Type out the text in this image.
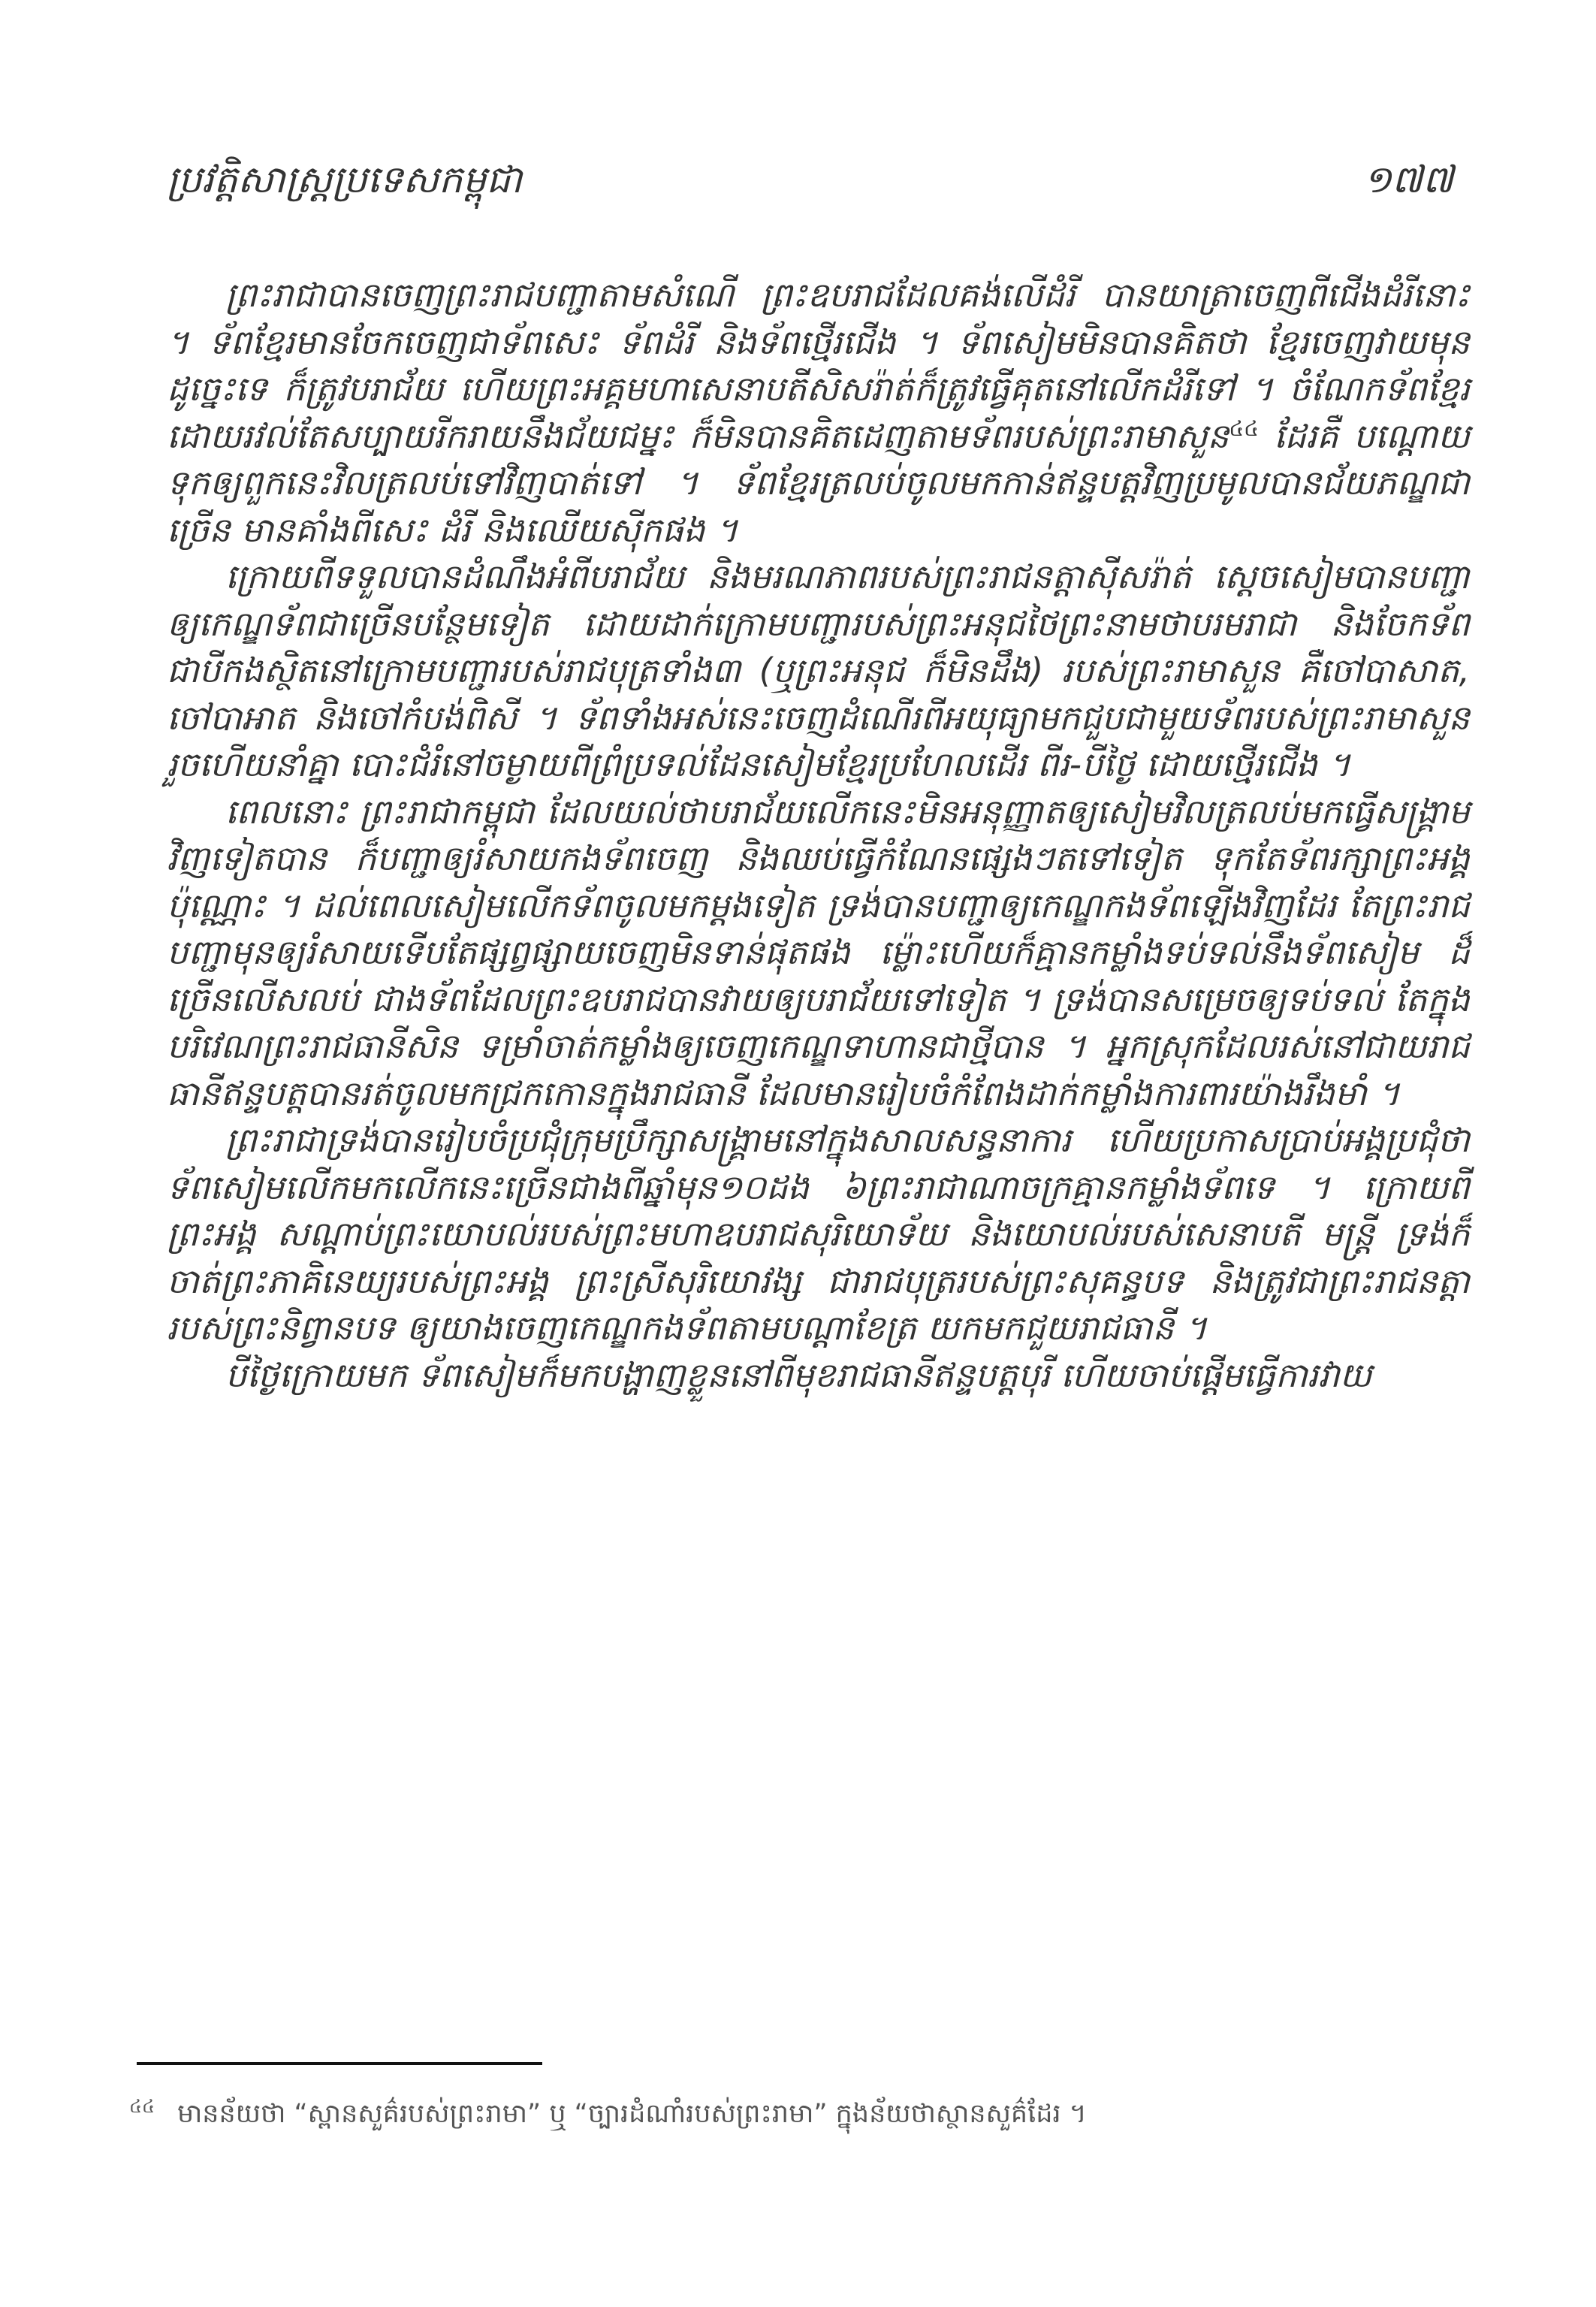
ប្រវត្តិសាស្ត្រប្រទេសកម្ពុជា	១៧៧

ព្រះរាជាបានចេញព្រះរាជបញ្ជាតាមសំណើ ព្រះឧបរាជដែលគង់លើដំរី បានយាត្រាចេញពីជើងដំរីនោះ ។ ទ័ពខ្មែរមានចែកចេញជាទ័ពសេះ ទ័ពដំរី និងទ័ពថ្មើរជើង ។ ទ័ពសៀមមិនបានគិតថា ខ្មែរចេញវាយមុនដូច្នេះទេ ក៏ត្រូវបរាជ័យ ហើយព្រះអគ្គមហាសេនាបតីសិសរ៉ាត់ក៏ត្រូវធ្វើគុតនៅលើកដំរីទៅ ។ ចំណែកទ័ពខ្មែរ ដោយរវល់តែសប្បាយរីករាយនឹងជ័យជម្នះ ក៏មិនបានគិតដេញតាមទ័ពរបស់ព្រះរាមាសួន$^{៤៤}$ ដែរគឺ បណ្ដោយទុកឲ្យពួកនេះវិលត្រលប់ទៅវិញបាត់ទៅ ។ ទ័ពខ្មែរត្រលប់ចូលមកកាន់ឥន្ទបត្តវិញប្រមូលបានជ័យភណ្ឌជាច្រើន មានគាំងពីសេះ ដំរី និងឈើយស៊ីកផង ។

ក្រោយពីទទួលបានដំណឹងអំពីបរាជ័យ និងមរណភាពរបស់ព្រះរាជនត្តាស៊ីសរ៉ាត់ ស្ដេចសៀមបានបញ្ជាឲ្យកេណ្ឌទ័ពជាច្រើនបន្ថែមទៀត ដោយដាក់ក្រោមបញ្ជារបស់ព្រះអនុជថៃព្រះនាមថាបរមរាជា និងចែកទ័ពជាបីកងស្ថិតនៅក្រោមបញ្ជារបស់រាជបុត្រទាំង៣ (ឬព្រះអនុជ ក៏មិនដឹង) របស់ព្រះរាមាសួន គឺចៅបាសាត, ចៅបាអាត និងចៅកំបង់ពិសី ។ ទ័ពទាំងអស់នេះចេញដំណើរពីអយុធ្យាមកជួបជាមួយទ័ពរបស់ព្រះរាមាសួន រួចហើយនាំគ្នា បោះជំរំនៅចម្ងាយពីព្រំប្រទល់ដែនសៀមខ្មែរប្រហែលដើរ ពីរ-បីថ្ងៃ ដោយថ្មើរជើង ។

ពេលនោះ ព្រះរាជាកម្ពុជា ដែលយល់ថាបរាជ័យលើកនេះមិនអនុញ្ញាតឲ្យសៀមវិលត្រលប់មកធ្វើសង្គ្រាមវិញទៀតបាន ក៏បញ្ជាឲ្យរំសាយកងទ័ពចេញ និងឈប់ធ្វើកំណែនផ្សេងៗតទៅទៀត ទុកតែទ័ពរក្សាព្រះអង្គប៉ុណ្ណោះ ។ ដល់ពេលសៀមលើកទ័ពចូលមកម្ដងទៀត ទ្រង់បានបញ្ជាឲ្យកេណ្ឌកងទ័ពឡើងវិញដែរ តែព្រះរាជបញ្ជាមុនឲ្យរំសាយទើបតែផ្សព្វផ្សាយចេញមិនទាន់ផុតផង ម៉្លោះហើយក៏គ្មានកម្លាំងទប់ទល់នឹងទ័ពសៀម ដ៏ច្រើនលើសលប់ ជាងទ័ពដែលព្រះឧបរាជបានវាយឲ្យបរាជ័យទៅទៀត ។ ទ្រង់បានសម្រេចឲ្យទប់ទល់ តែក្នុងបរិវេណព្រះរាជធានីសិន ទម្រាំចាត់កម្លាំងឲ្យចេញកេណ្ឌទាហានជាថ្មីបាន ។ អ្នកស្រុកដែលរស់នៅជាយរាជធានីឥន្ទបត្តបានរត់ចូលមកជ្រកកោនក្នុងរាជធានី ដែលមានរៀបចំកំពែងដាក់កម្លាំងការពារយ៉ាងរឹងមាំ ។

ព្រះរាជាទ្រង់បានរៀបចំប្រជុំក្រុមប្រឹក្សាសង្គ្រាមនៅក្នុងសាលសន្ធនាការ ហើយប្រកាសប្រាប់អង្គប្រជុំថា ទ័ពសៀមលើកមកលើកនេះច្រើនជាងពីឆ្នាំមុន១០ដង ៦ព្រះរាជាណាចក្រគ្មានកម្លាំងទ័ពទេ ។ ក្រោយពីព្រះអង្គ សណ្ដាប់ព្រះយោបល់របស់ព្រះមហាឧបរាជសុរិយោទ័យ និងយោបល់របស់សេនាបតី មន្ត្រី ទ្រង់ក៏ចាត់ព្រះភាគិនេយ្យរបស់ព្រះអង្គ ព្រះស្រីសុរិយោវង្ស ជារាជបុត្ររបស់ព្រះសុគន្ធបទ និងត្រូវជាព្រះរាជនត្តារបស់ព្រះនិព្វានបទ ឲ្យយាងចេញកេណ្ឌកងទ័ពតាមបណ្ដាខែត្រ យកមកជួយរាជធានី ។

បីថ្ងៃក្រោយមក ទ័ពសៀមក៏មកបង្ហាញខ្លួននៅពីមុខរាជធានីឥន្ទបត្តបុរី ហើយចាប់ផ្ដើមធ្វើការវាយ

$^{៤៤}$ មានន័យថា “ស្ពានសួគ៌របស់ព្រះរាមា” ឬ “ច្បារដំណាំរបស់ព្រះរាមា” ក្នុងន័យថាស្ថានសួគ៌ដែរ ។
